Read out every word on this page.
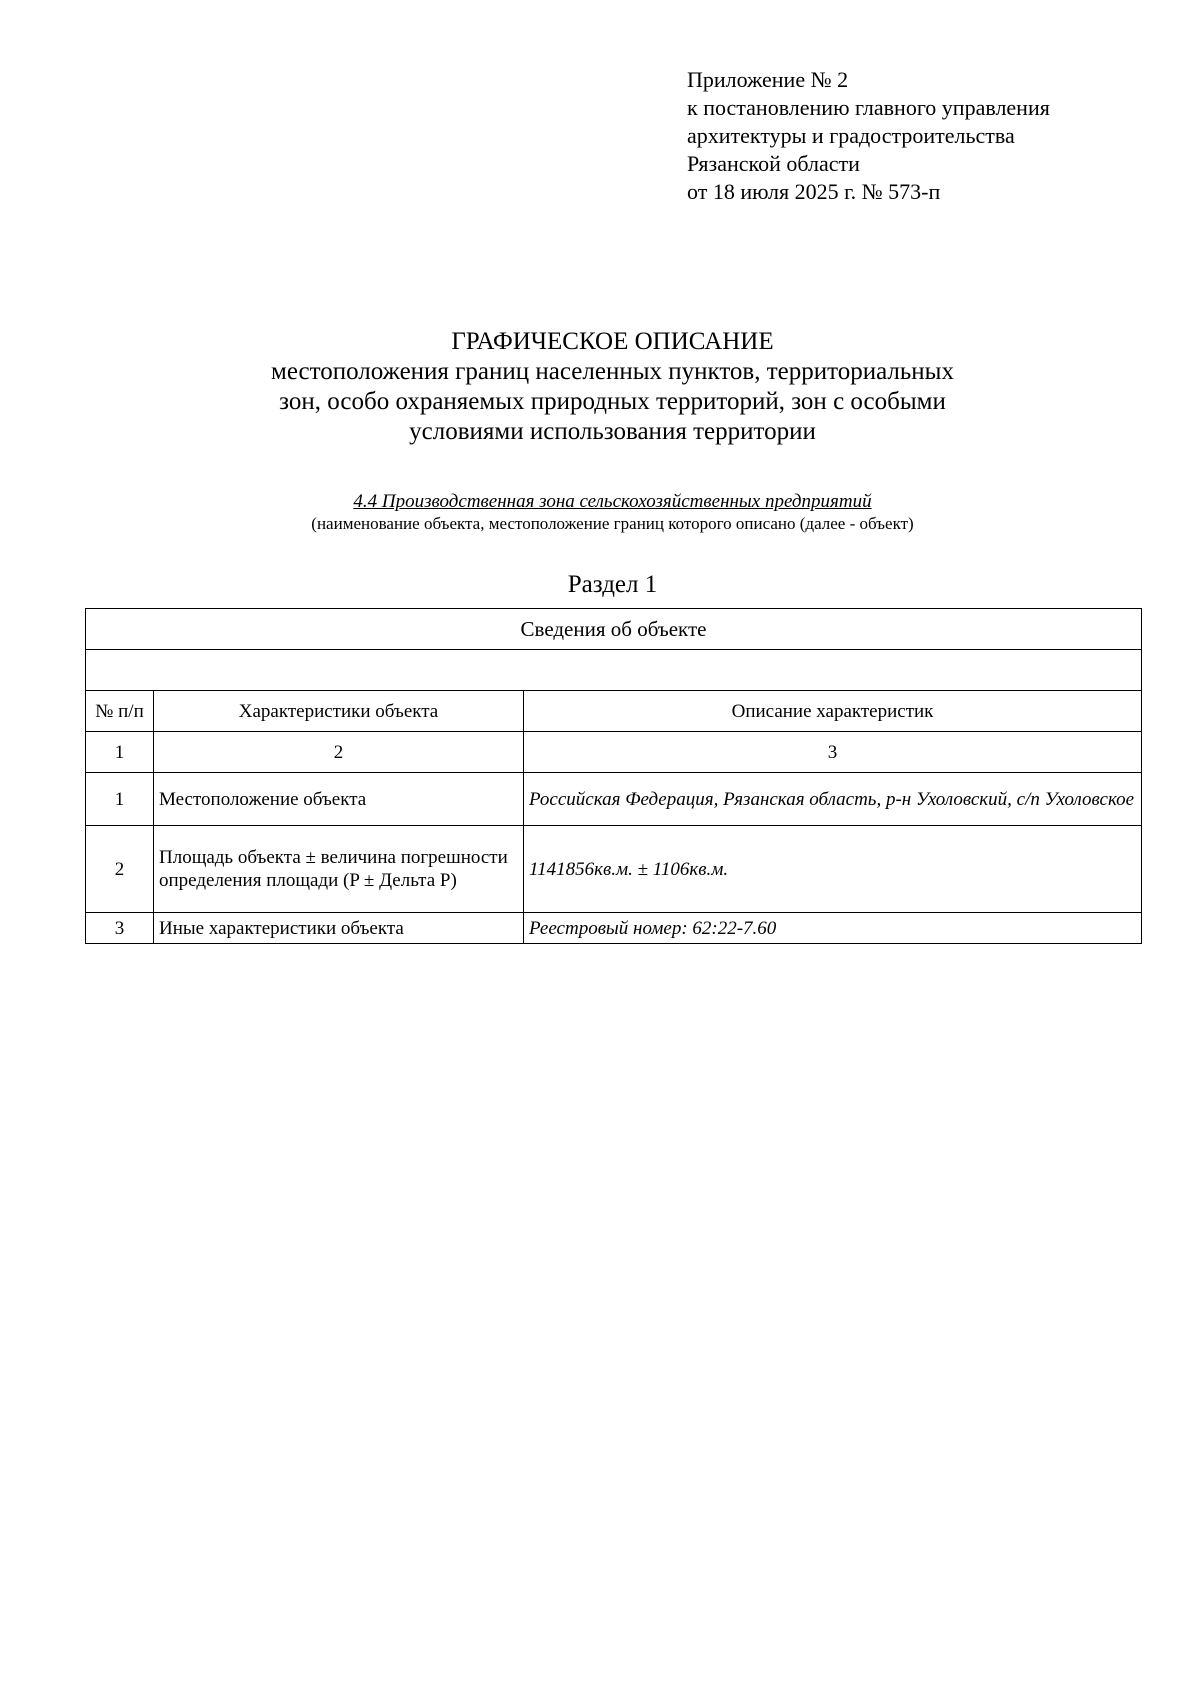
Приложение № 2
к постановлению главного управления
архитектуры и градостроительства
Рязанской области
от 18 июля 2025 г. № 573-п
ГРАФИЧЕСКОЕ ОПИСАНИЕ
местоположения границ населенных пунктов, территориальных
зон, особо охраняемых природных территорий, зон с особыми
условиями использования территории
4.4 Производственная зона сельскохозяйственных предприятий
(наименование объекта, местоположение границ которого описано (далее - объект)
Раздел 1
Сведения об объекте		

№ п/п	Характеристики объекта	Описание характеристик
1	2	3
1	Местоположение объекта	Российская Федерация, Рязанская область, р-н Ухоловский, с/п Ухоловское
2	Площадь объекта ± величина погрешности определения площади (P ± Дельта P)	1141856кв.м. ± 1106кв.м.
3	Иные характеристики объекта	Реестровый номер: 62:22-7.60
